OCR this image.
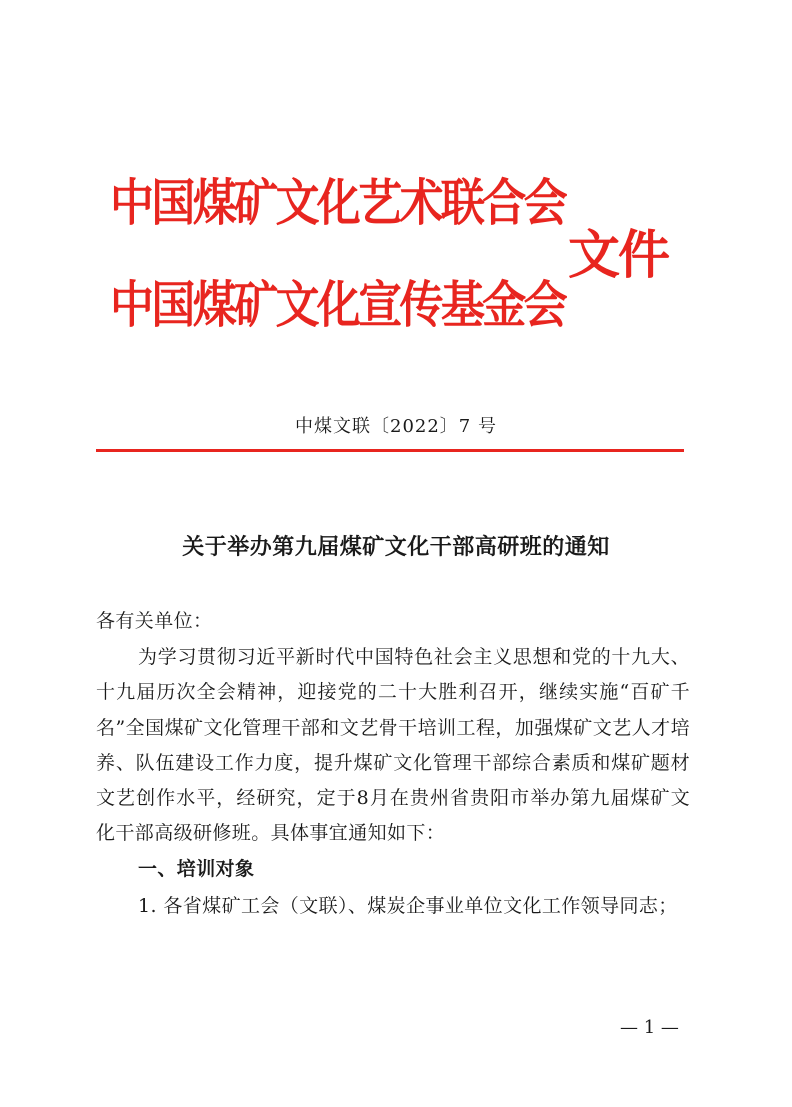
中国煤矿文化艺术联合会
中国煤矿文化宣传基金会
文件
中煤文联〔2022〕7 号
关于举办第九届煤矿文化干部高研班的通知

各有关单位：

为学习贯彻习近平新时代中国特色社会主义思想和党的十九大、十九届历次全会精神，迎接党的二十大胜利召开，继续实施“百矿千名”全国煤矿文化管理干部和文艺骨干培训工程，加强煤矿文艺人才培养、队伍建设工作力度，提升煤矿文化管理干部综合素质和煤矿题材文艺创作水平，经研究，定于8月在贵州省贵阳市举办第九届煤矿文化干部高级研修班。具体事宜通知如下：

一、培训对象

1. 各省煤矿工会（文联）、煤炭企事业单位文化工作领导同志；

— 1 —
